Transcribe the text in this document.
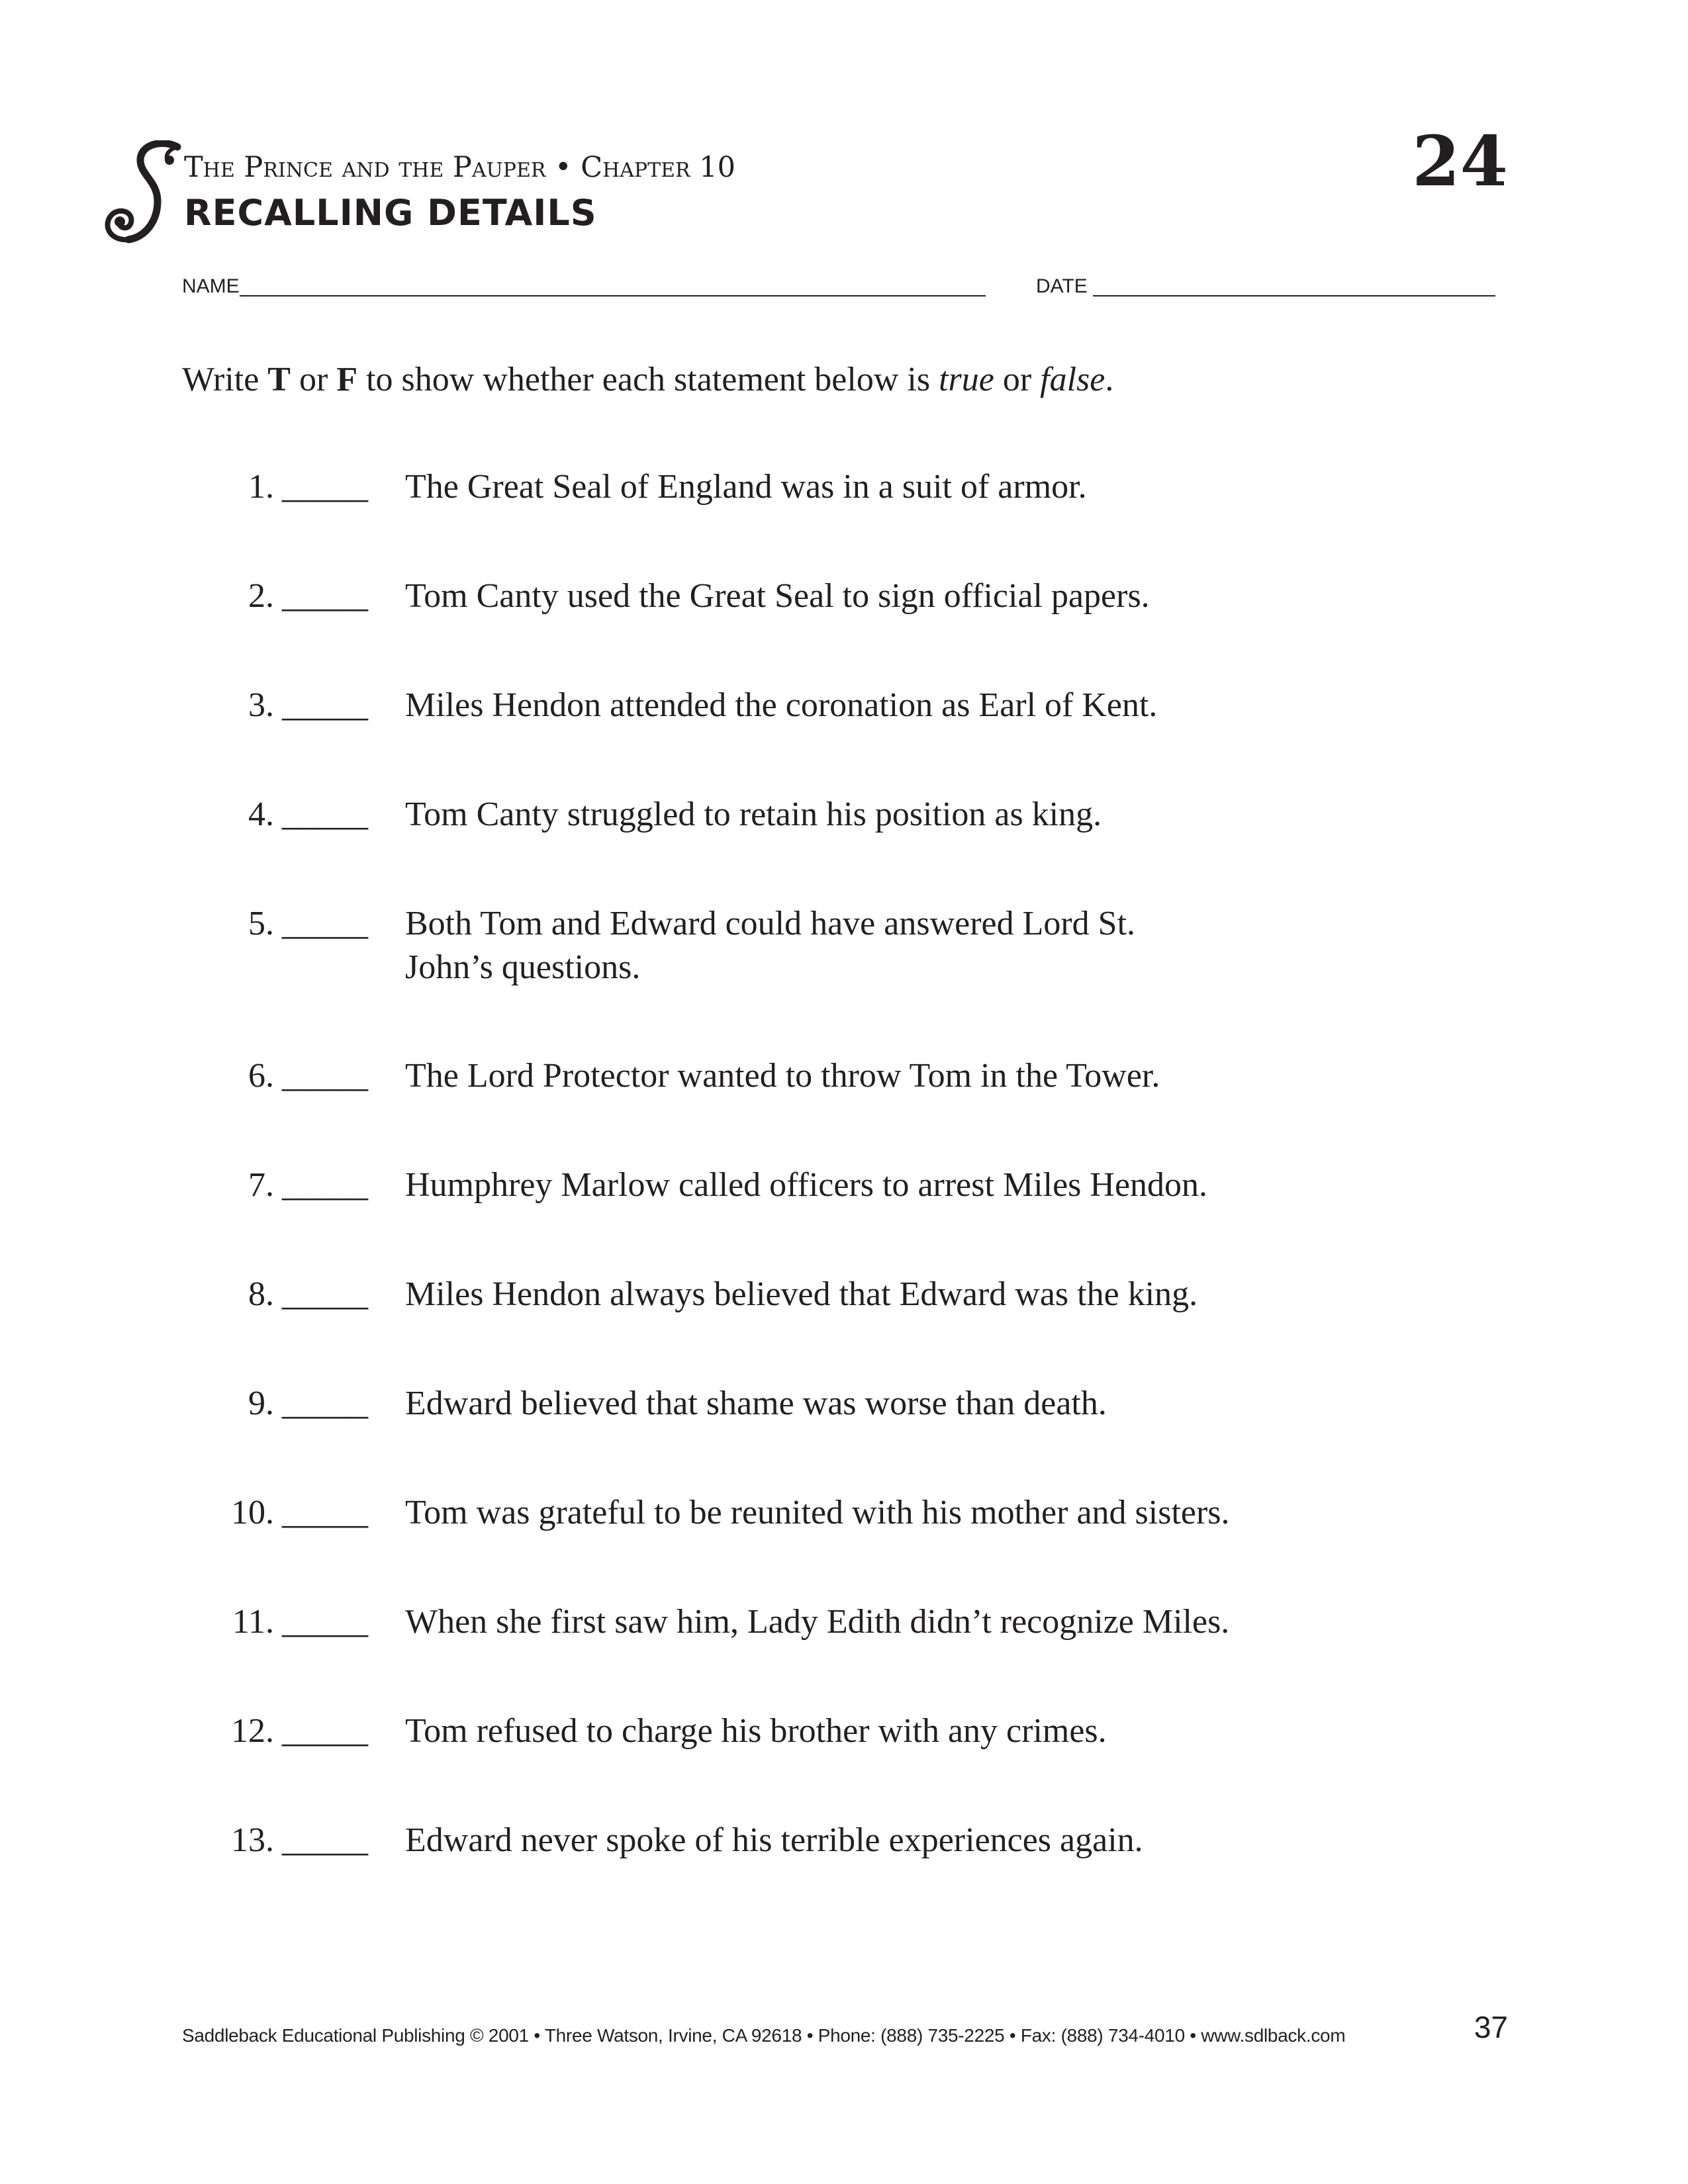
The Prince and the Pauper • Chapter 10
RECALLING DETAILS
24
NAME	DATE
Write T or F to show whether each statement below is true or false.
1. _____ The Great Seal of England was in a suit of armor.
2. _____ Tom Canty used the Great Seal to sign official papers.
3. _____ Miles Hendon attended the coronation as Earl of Kent.
4. _____ Tom Canty struggled to retain his position as king.
5. _____ Both Tom and Edward could have answered Lord St. John’s questions.
6. _____ The Lord Protector wanted to throw Tom in the Tower.
7. _____ Humphrey Marlow called officers to arrest Miles Hendon.
8. _____ Miles Hendon always believed that Edward was the king.
9. _____ Edward believed that shame was worse than death.
10. _____ Tom was grateful to be reunited with his mother and sisters.
11. _____ When she first saw him, Lady Edith didn’t recognize Miles.
12. _____ Tom refused to charge his brother with any crimes.
13. _____ Edward never spoke of his terrible experiences again.
Saddleback Educational Publishing © 2001 • Three Watson, Irvine, CA 92618 • Phone: (888) 735-2225 • Fax: (888) 734-4010 • www.sdlback.com	37
